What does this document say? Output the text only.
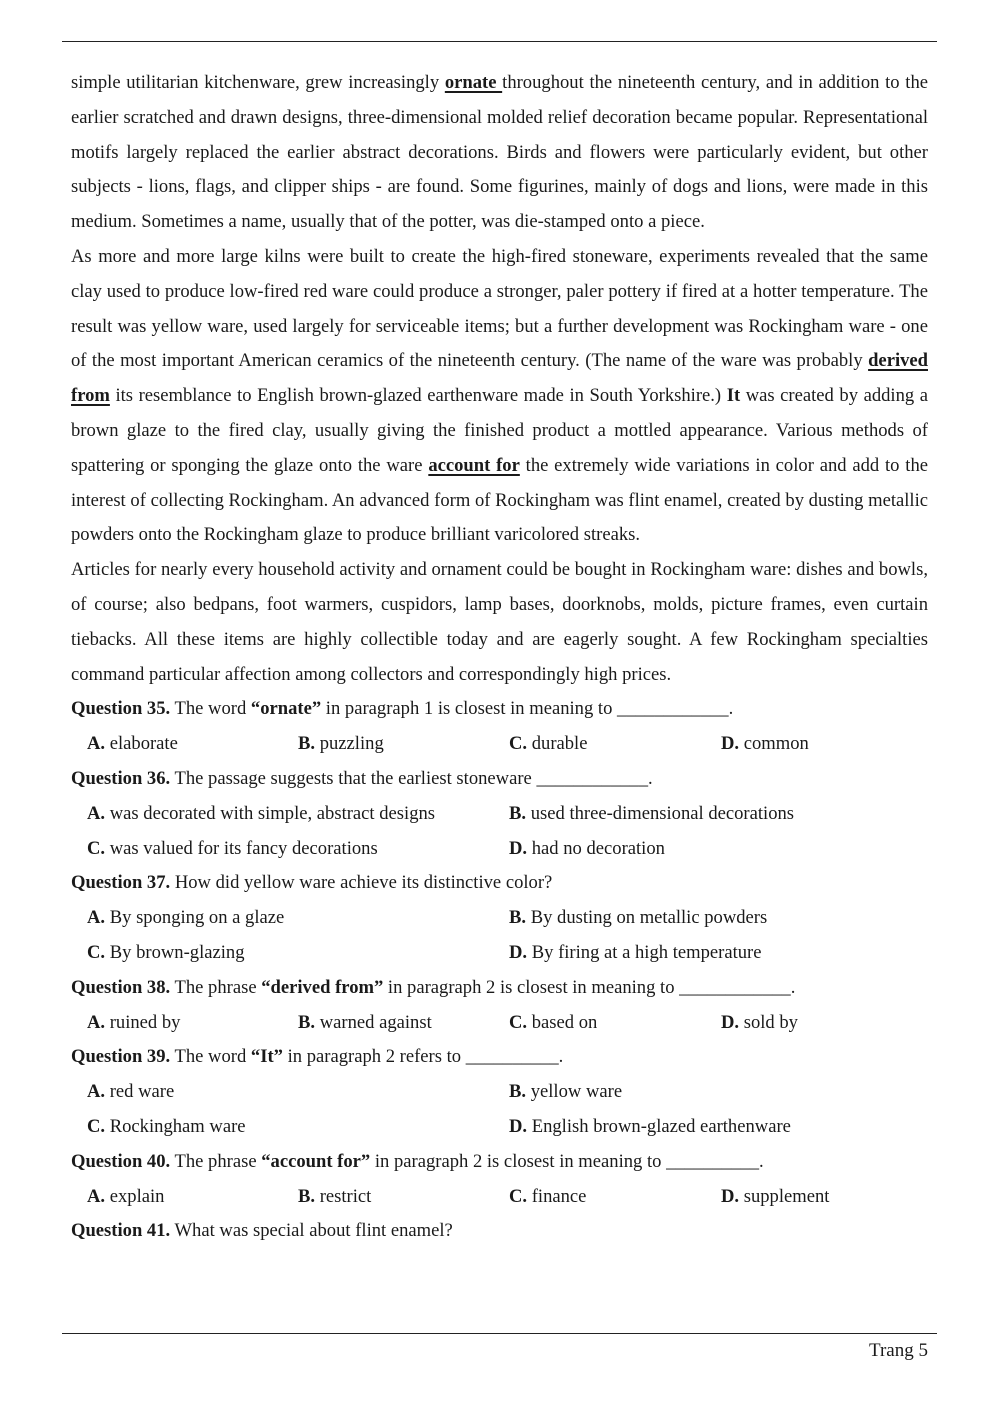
simple utilitarian kitchenware, grew increasingly ornate throughout the nineteenth century, and in addition to the earlier scratched and drawn designs, three-dimensional molded relief decoration became popular. Representational motifs largely replaced the earlier abstract decorations. Birds and flowers were particularly evident, but other subjects - lions, flags, and clipper ships - are found. Some figurines, mainly of dogs and lions, were made in this medium. Sometimes a name, usually that of the potter, was die-stamped onto a piece.

As more and more large kilns were built to create the high-fired stoneware, experiments revealed that the same clay used to produce low-fired red ware could produce a stronger, paler pottery if fired at a hotter temperature. The result was yellow ware, used largely for serviceable items; but a further development was Rockingham ware - one of the most important American ceramics of the nineteenth century. (The name of the ware was probably derived from its resemblance to English brown-glazed earthenware made in South Yorkshire.) It was created by adding a brown glaze to the fired clay, usually giving the finished product a mottled appearance. Various methods of spattering or sponging the glaze onto the ware account for the extremely wide variations in color and add to the interest of collecting Rockingham. An advanced form of Rockingham was flint enamel, created by dusting metallic powders onto the Rockingham glaze to produce brilliant varicolored streaks.

Articles for nearly every household activity and ornament could be bought in Rockingham ware: dishes and bowls, of course; also bedpans, foot warmers, cuspidors, lamp bases, doorknobs, molds, picture frames, even curtain tiebacks. All these items are highly collectible today and are eagerly sought. A few Rockingham specialties command particular affection among collectors and correspondingly high prices.

Question 35. The word “ornate” in paragraph 1 is closest in meaning to ____________.
A. elaborate	B. puzzling	C. durable	D. common
Question 36. The passage suggests that the earliest stoneware ____________.
A. was decorated with simple, abstract designs	B. used three-dimensional decorations
C. was valued for its fancy decorations	D. had no decoration
Question 37. How did yellow ware achieve its distinctive color?
A. By sponging on a glaze	B. By dusting on metallic powders
C. By brown-glazing	D. By firing at a high temperature
Question 38. The phrase “derived from” in paragraph 2 is closest in meaning to ____________.
A. ruined by	B. warned against	C. based on	D. sold by
Question 39. The word “It” in paragraph 2 refers to __________.
A. red ware	B. yellow ware
C. Rockingham ware	D. English brown-glazed earthenware
Question 40. The phrase “account for” in paragraph 2 is closest in meaning to __________.
A. explain	B. restrict	C. finance	D. supplement
Question 41. What was special about flint enamel?
Trang 5
